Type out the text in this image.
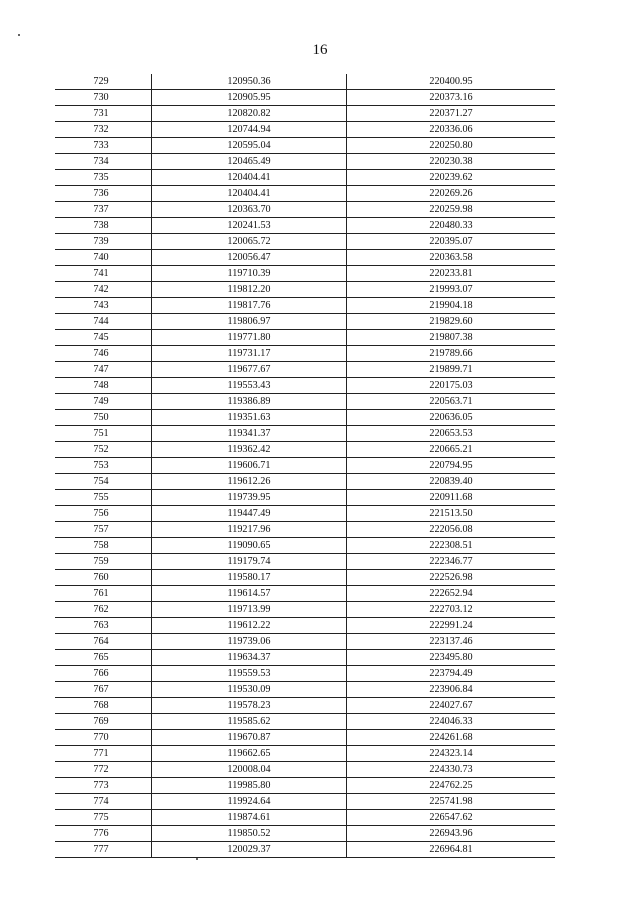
16
729	120950.36	220400.95
730	120905.95	220373.16
731	120820.82	220371.27
732	120744.94	220336.06
733	120595.04	220250.80
734	120465.49	220230.38
735	120404.41	220239.62
736	120404.41	220269.26
737	120363.70	220259.98
738	120241.53	220480.33
739	120065.72	220395.07
740	120056.47	220363.58
741	119710.39	220233.81
742	119812.20	219993.07
743	119817.76	219904.18
744	119806.97	219829.60
745	119771.80	219807.38
746	119731.17	219789.66
747	119677.67	219899.71
748	119553.43	220175.03
749	119386.89	220563.71
750	119351.63	220636.05
751	119341.37	220653.53
752	119362.42	220665.21
753	119606.71	220794.95
754	119612.26	220839.40
755	119739.95	220911.68
756	119447.49	221513.50
757	119217.96	222056.08
758	119090.65	222308.51
759	119179.74	222346.77
760	119580.17	222526.98
761	119614.57	222652.94
762	119713.99	222703.12
763	119612.22	222991.24
764	119739.06	223137.46
765	119634.37	223495.80
766	119559.53	223794.49
767	119530.09	223906.84
768	119578.23	224027.67
769	119585.62	224046.33
770	119670.87	224261.68
771	119662.65	224323.14
772	120008.04	224330.73
773	119985.80	224762.25
774	119924.64	225741.98
775	119874.61	226547.62
776	119850.52	226943.96
777	120029.37	226964.81
